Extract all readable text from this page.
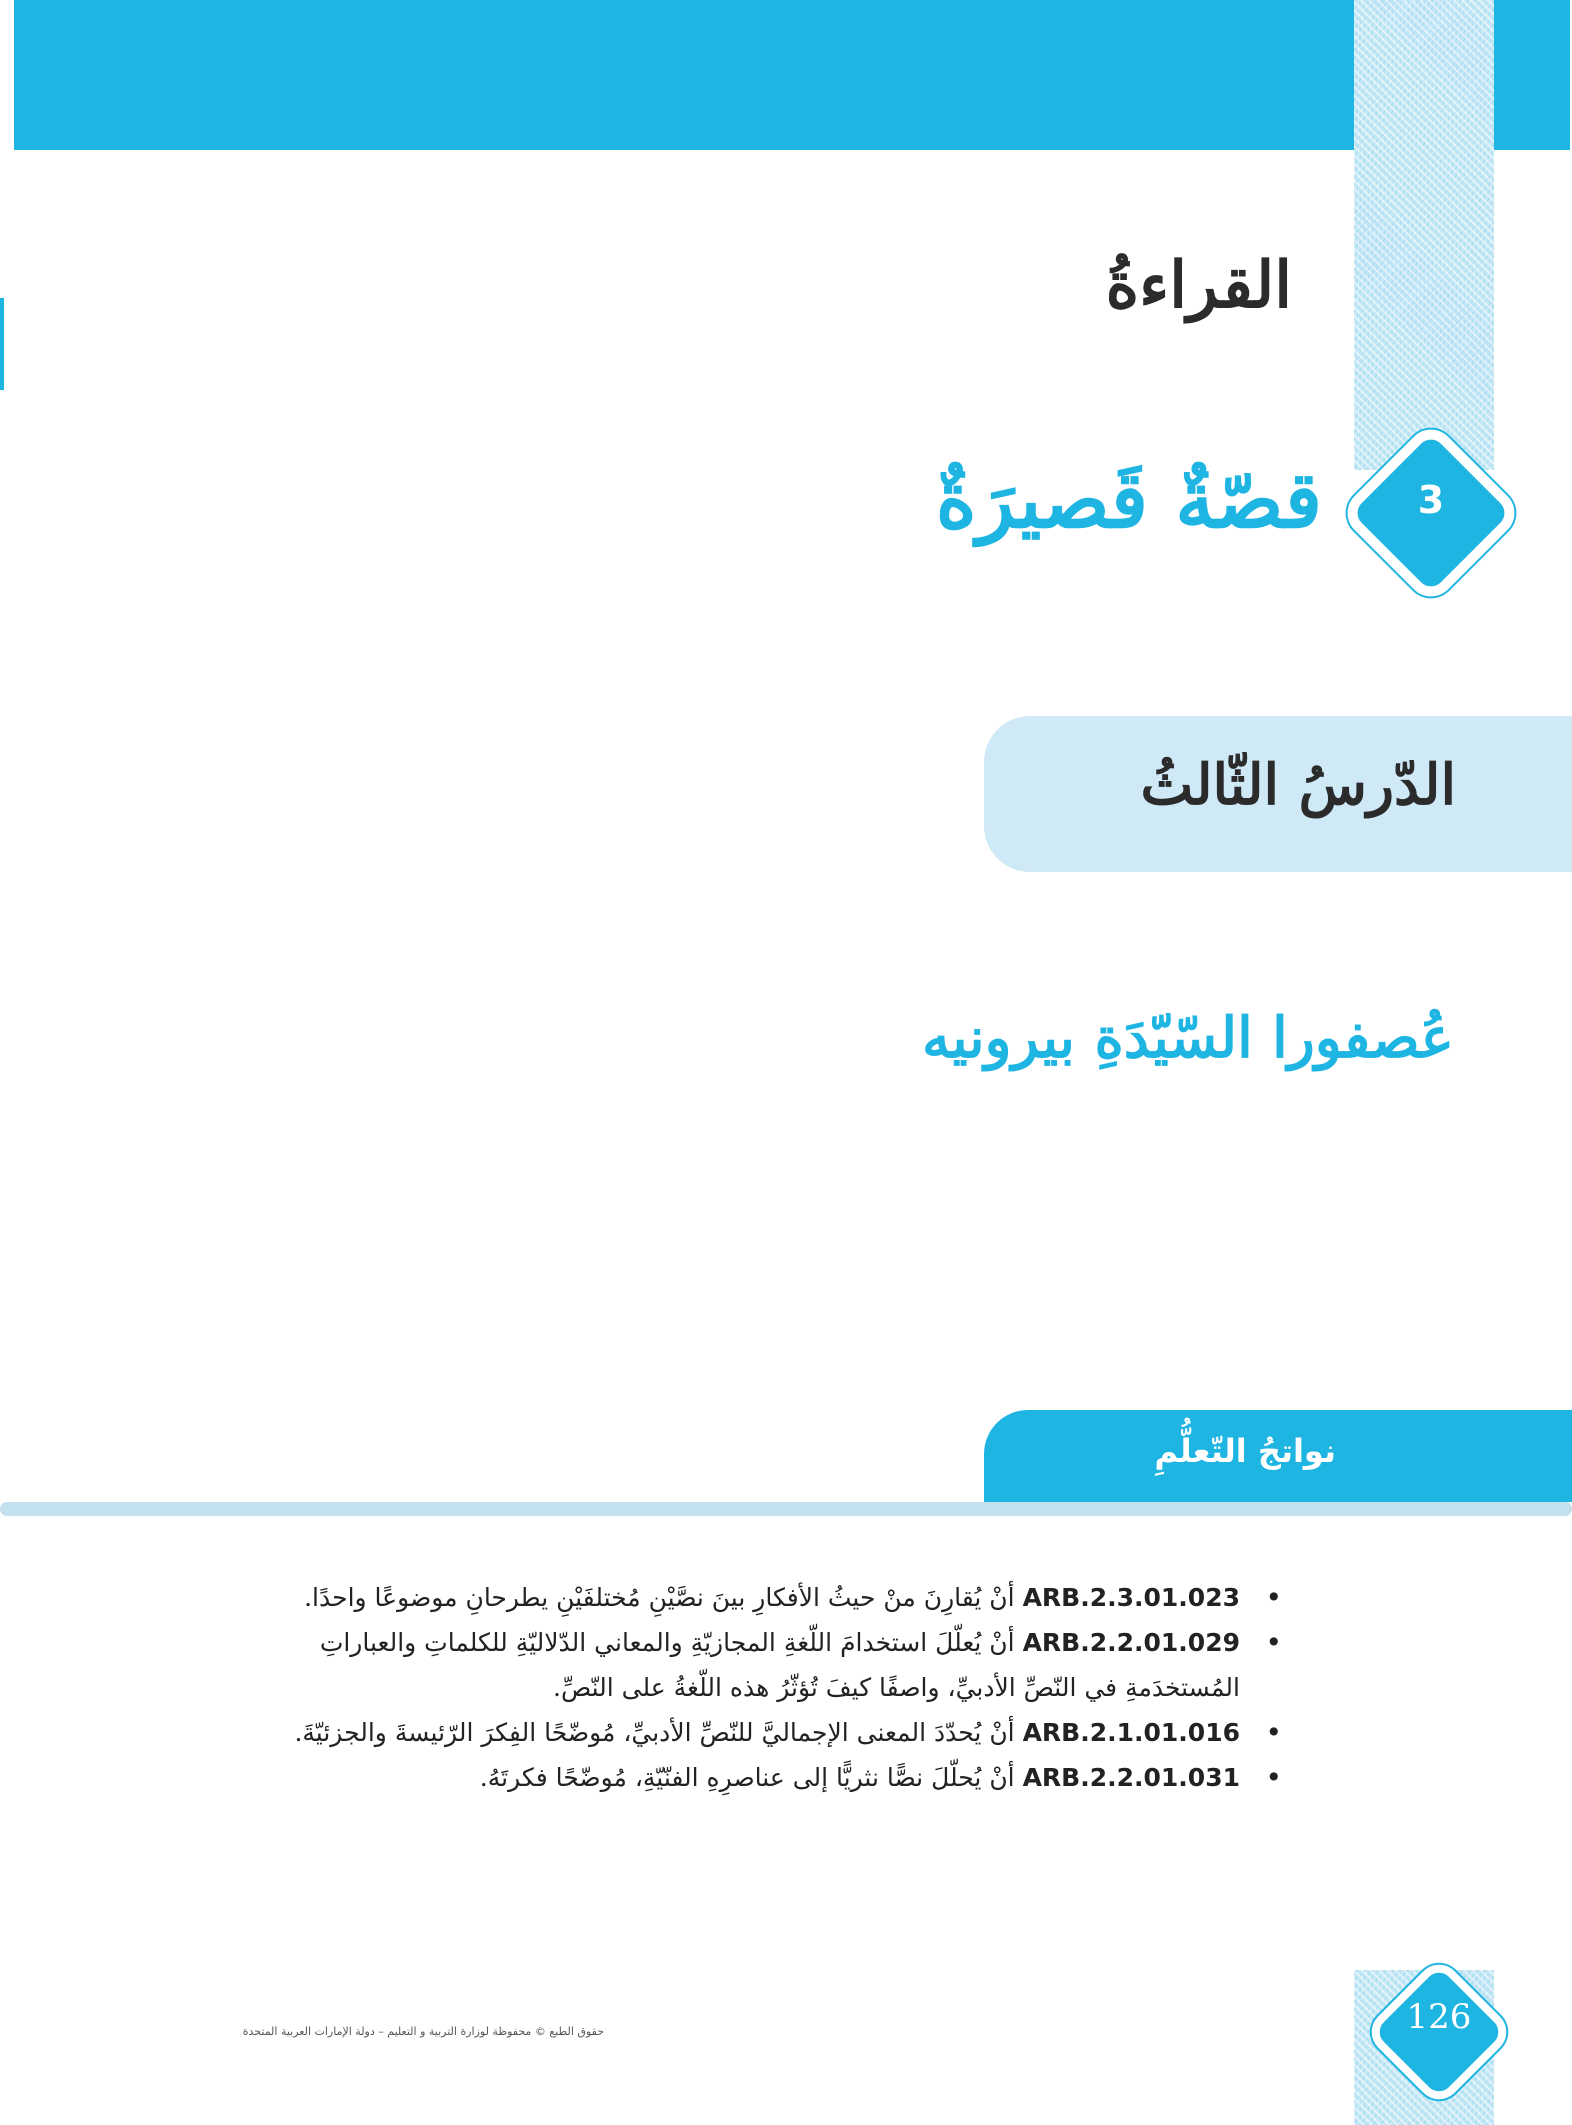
القراءةُ
3
قصّةٌ قَصيرَةٌ
الدّرسُ الثّالثُ
عُصفورا السّيّدَةِ بيرونيه
نواتجُ التّعلُّمِ
• ARB.2.3.01.023 أنْ يُقارِنَ منْ حيثُ الأفكارِ بينَ نصَّيْنِ مُختلفَيْنِ يطرحانِ موضوعًا واحدًا.
• ARB.2.2.01.029 أنْ يُعلّلَ استخدامَ اللّغةِ المجازيّةِ والمعاني الدّلاليّةِ للكلماتِ والعباراتِ المُستخدَمةِ في النّصِّ الأدبيِّ، واصفًا كيفَ تُؤثّرُ هذه اللّغةُ على النّصِّ.
• ARB.2.1.01.016 أنْ يُحدّدَ المعنى الإجماليَّ للنّصِّ الأدبيِّ، مُوضّحًا الفِكرَ الرّئيسةَ والجزئيّةَ.
• ARB.2.2.01.031 أنْ يُحلّلَ نصًّا نثريًّا إلى عناصرِهِ الفنّيّةِ، مُوضّحًا فكرتَهُ.
126

حقوق الطبع © محفوظة لوزارة التربية و التعليم – دولة الإمارات العربية المتحدة
